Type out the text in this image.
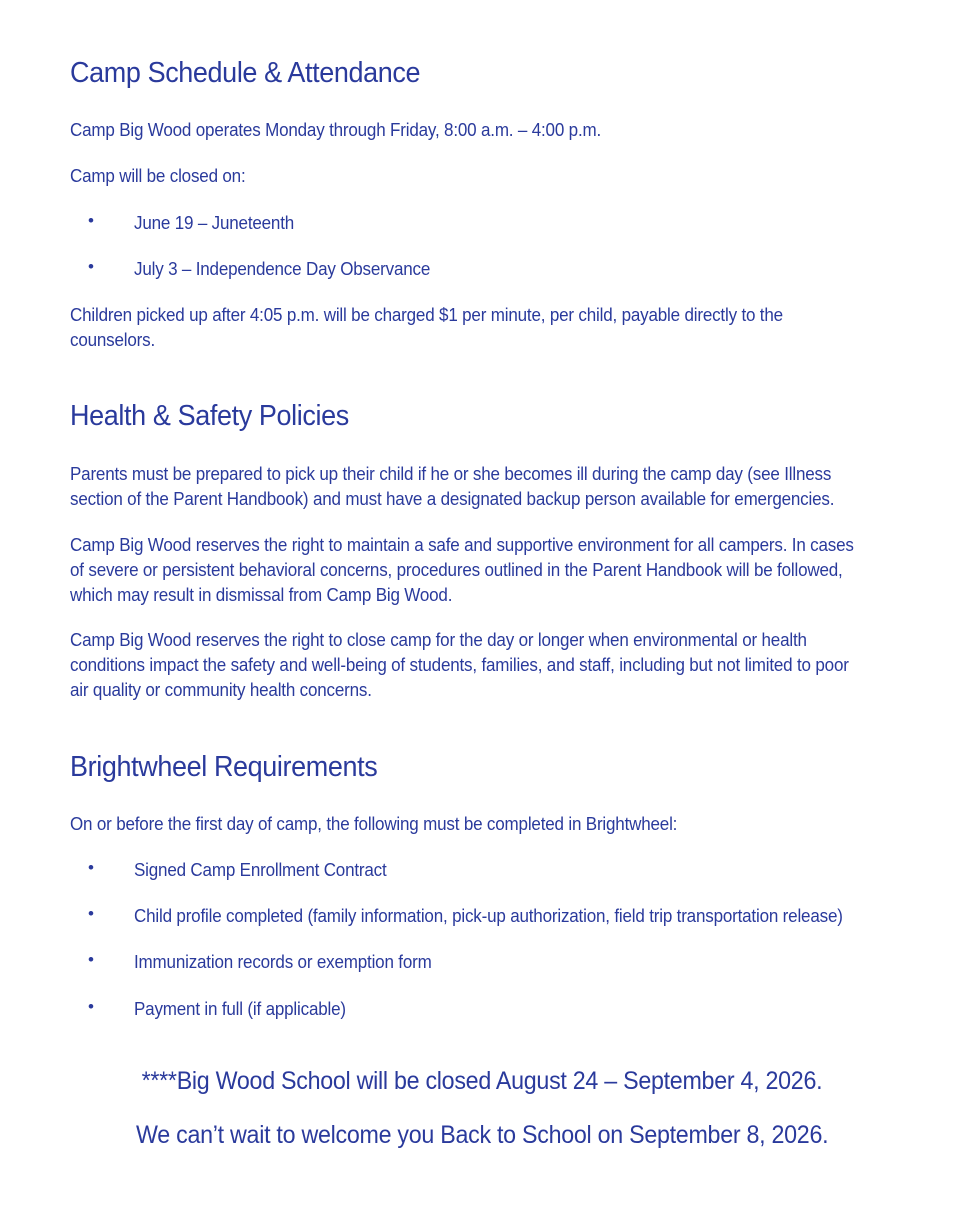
Camp Schedule & Attendance

Camp Big Wood operates Monday through Friday, 8:00 a.m. – 4:00 p.m.

Camp will be closed on:

• June 19 – Juneteenth
• July 3 – Independence Day Observance

Children picked up after 4:05 p.m. will be charged $1 per minute, per child, payable directly to the

counselors.

Health & Safety Policies

Parents must be prepared to pick up their child if he or she becomes ill during the camp day (see Illness

section of the Parent Handbook) and must have a designated backup person available for emergencies.

Camp Big Wood reserves the right to maintain a safe and supportive environment for all campers. In cases

of severe or persistent behavioral concerns, procedures outlined in the Parent Handbook will be followed,

which may result in dismissal from Camp Big Wood.

Camp Big Wood reserves the right to close camp for the day or longer when environmental or health

conditions impact the safety and well-being of students, families, and staff, including but not limited to poor

air quality or community health concerns.

Brightwheel Requirements

On or before the first day of camp, the following must be completed in Brightwheel:

• Signed Camp Enrollment Contract
• Child profile completed (family information, pick-up authorization, field trip transportation release)
• Immunization records or exemption form
• Payment in full (if applicable)
****Big Wood School will be closed August 24 – September 4, 2026.
We can’t wait to welcome you Back to School on September 8, 2026.
